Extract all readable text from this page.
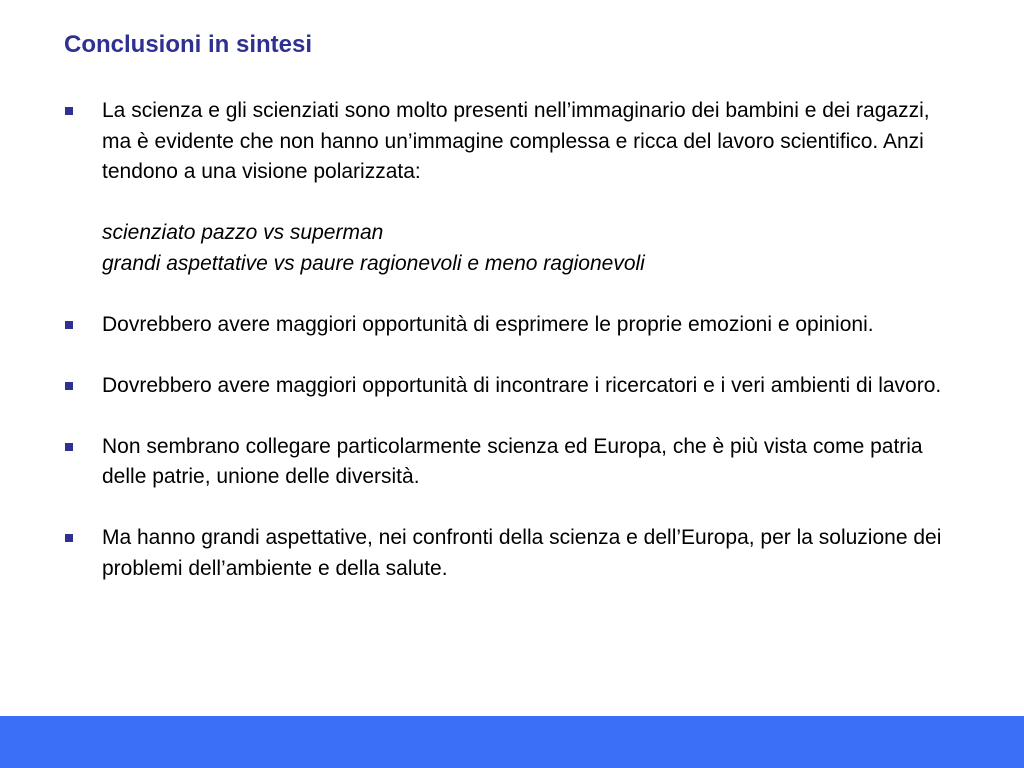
Conclusioni in sintesi
La scienza e gli scienziati sono molto presenti nell’immaginario dei bambini e dei ragazzi, ma è evidente che non hanno un’immagine complessa e ricca del lavoro scientifico. Anzi tendono a una visione polarizzata:
scienziato pazzo vs superman
grandi aspettative vs paure ragionevoli e meno ragionevoli
Dovrebbero avere maggiori opportunità di esprimere le proprie emozioni e opinioni.
Dovrebbero avere maggiori opportunità di incontrare i ricercatori e i veri ambienti di lavoro.
Non sembrano collegare particolarmente scienza ed Europa, che è più vista come patria delle patrie, unione delle diversità.
Ma hanno grandi aspettative, nei confronti della scienza e dell’Europa, per la soluzione dei problemi dell’ambiente e della salute.
